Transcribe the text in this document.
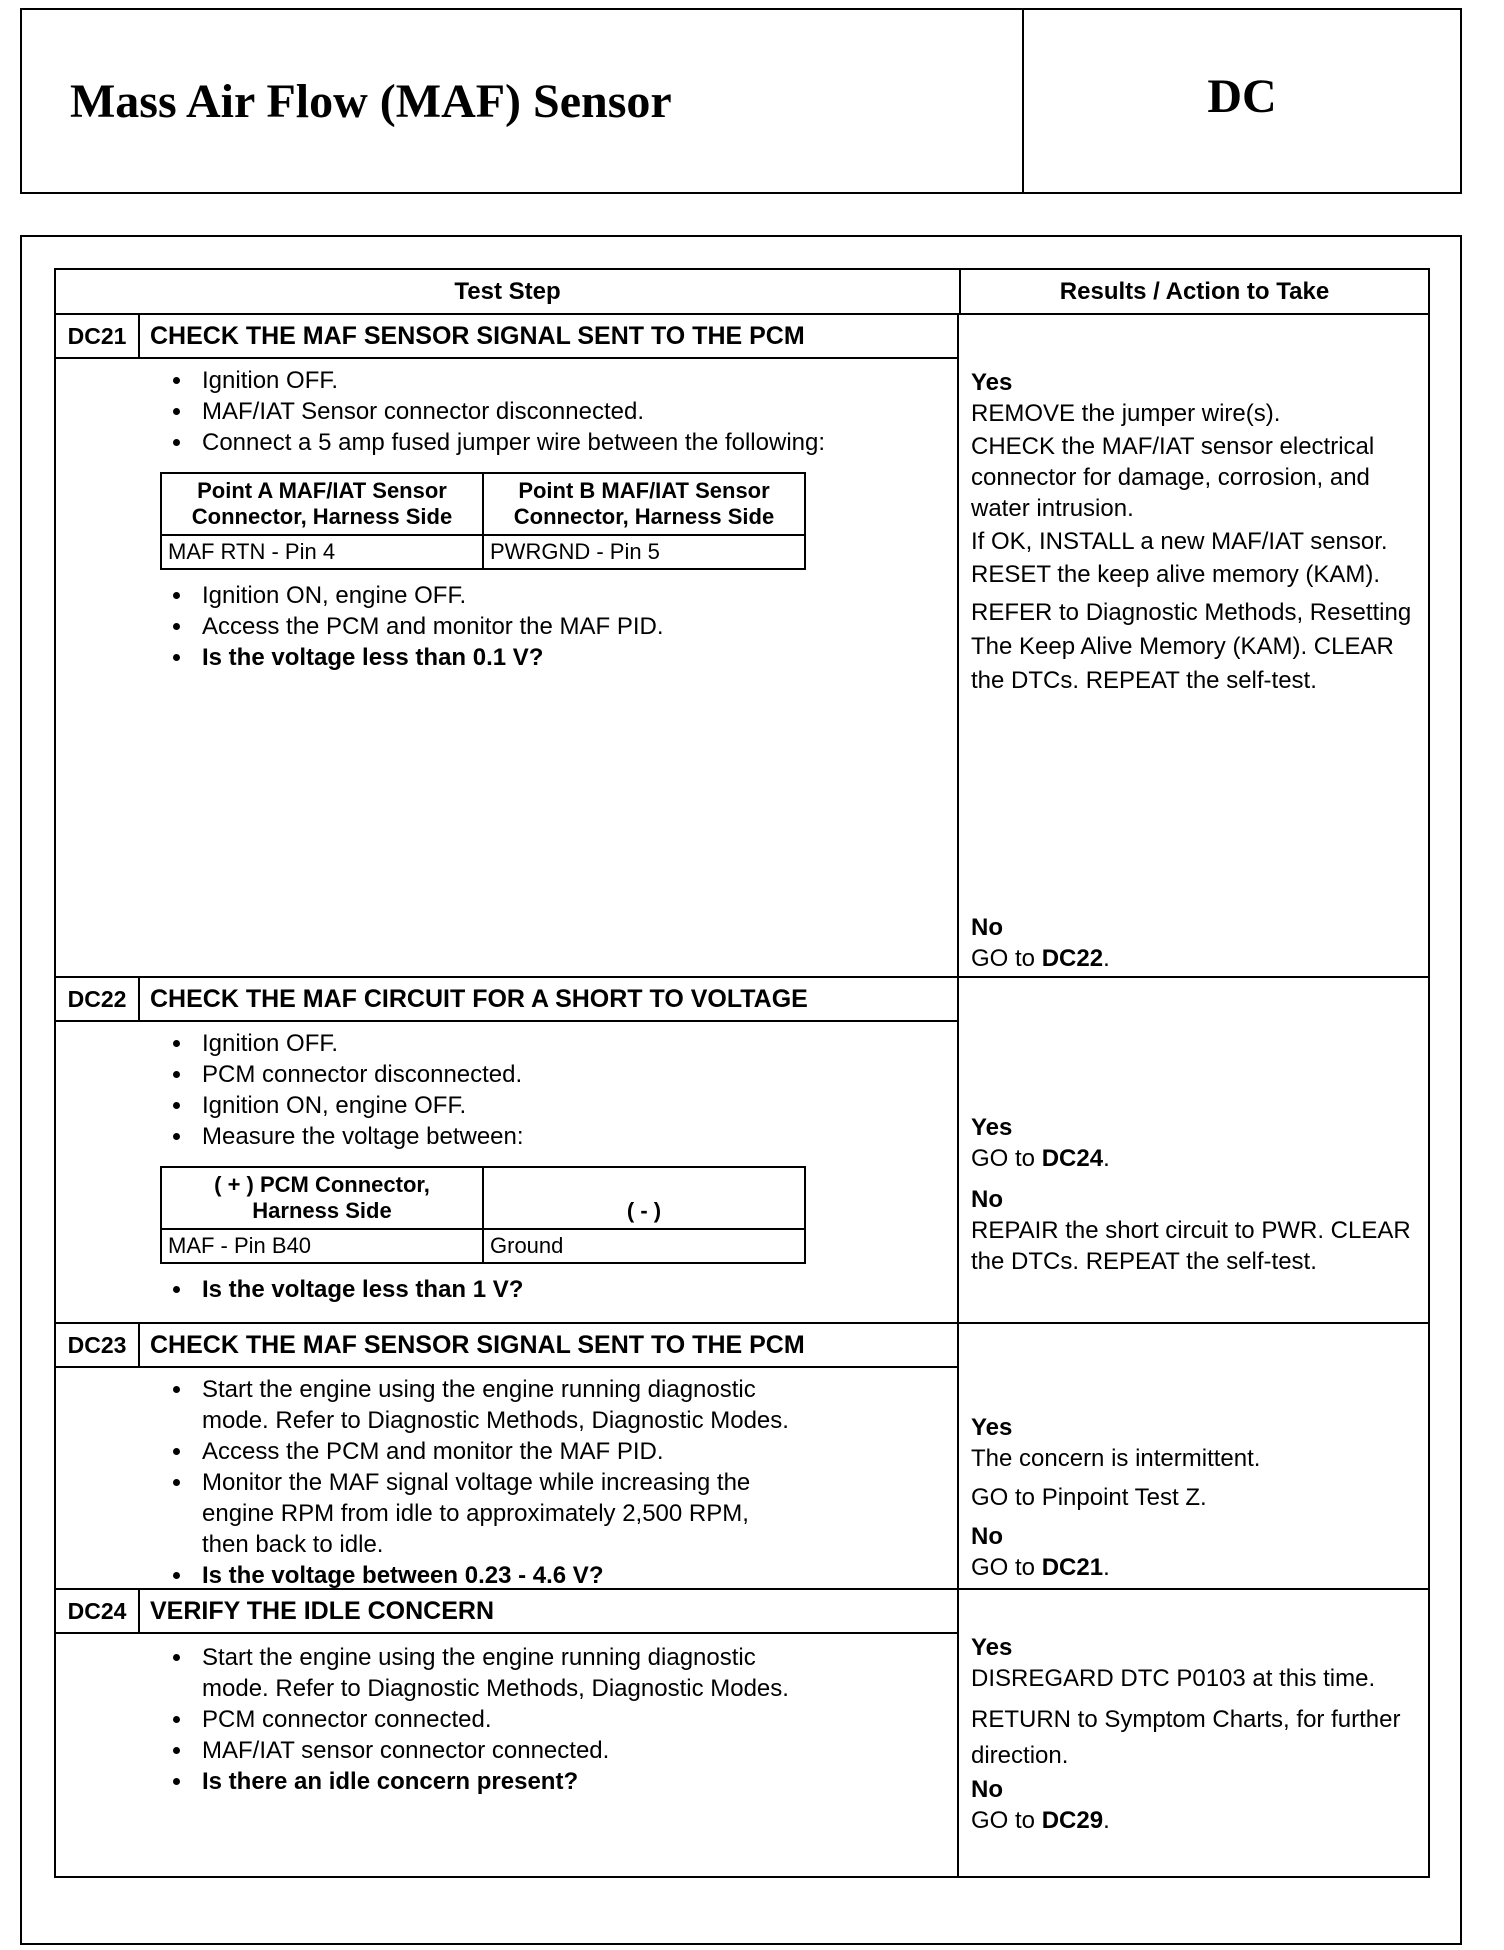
Mass Air Flow (MAF) Sensor	DC
Test Step	Results / Action to Take
DC21 CHECK THE MAF SENSOR SIGNAL SENT TO THE PCM
• Ignition OFF.
• MAF/IAT Sensor connector disconnected.
• Connect a 5 amp fused jumper wire between the following:
Point A MAF/IAT Sensor Connector, Harness Side	Point B MAF/IAT Sensor Connector, Harness Side
MAF RTN - Pin 4	PWRGND - Pin 5
• Ignition ON, engine OFF.
• Access the PCM and monitor the MAF PID.
• Is the voltage less than 0.1 V?

Yes

REMOVE the jumper wire(s).

CHECK the MAF/IAT sensor electrical connector for damage, corrosion, and water intrusion.

If OK, INSTALL a new MAF/IAT sensor.

RESET the keep alive memory (KAM).

REFER to Diagnostic Methods, Resetting The Keep Alive Memory (KAM). CLEAR the DTCs. REPEAT the self-test.

No

GO to DC22.

DC22 CHECK THE MAF CIRCUIT FOR A SHORT TO VOLTAGE
• Ignition OFF.
• PCM connector disconnected.
• Ignition ON, engine OFF.
• Measure the voltage between:
( + ) PCM Connector, Harness Side	( - )
MAF - Pin B40	Ground
• Is the voltage less than 1 V?

Yes

GO to DC24.

No

REPAIR the short circuit to PWR. CLEAR the DTCs. REPEAT the self-test.

DC23 CHECK THE MAF SENSOR SIGNAL SENT TO THE PCM
• Start the engine using the engine running diagnostic mode. Refer to Diagnostic Methods, Diagnostic Modes.
• Access the PCM and monitor the MAF PID.
• Monitor the MAF signal voltage while increasing the engine RPM from idle to approximately 2,500 RPM, then back to idle.
• Is the voltage between 0.23 - 4.6 V?

Yes

The concern is intermittent.

GO to Pinpoint Test Z.

No

GO to DC21.

DC24 VERIFY THE IDLE CONCERN
• Start the engine using the engine running diagnostic mode. Refer to Diagnostic Methods, Diagnostic Modes.
• PCM connector connected.
• MAF/IAT sensor connector connected.
• Is there an idle concern present?

Yes

DISREGARD DTC P0103 at this time.

RETURN to Symptom Charts, for further direction.

No

GO to DC29.
